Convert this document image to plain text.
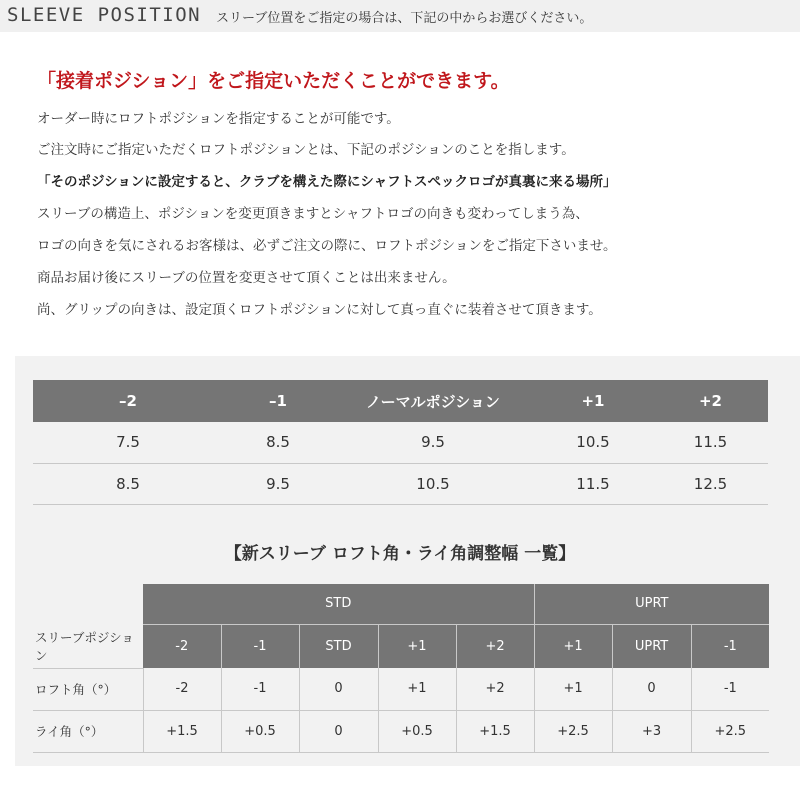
SLEEVE POSITION スリーブ位置をご指定の場合は、下記の中からお選びください。
「接着ポジション」をご指定いただくことができます。
オーダー時にロフトポジションを指定することが可能です。
ご注文時にご指定いただくロフトポジションとは、下記のポジションのことを指します。
「そのポジションに設定すると、クラブを構えた際にシャフトスペックロゴが真裏に来る場所」
スリーブの構造上、ポジションを変更頂きますとシャフトロゴの向きも変わってしまう為、
ロゴの向きを気にされるお客様は、必ずご注文の際に、ロフトポジションをご指定下さいませ。
商品お届け後にスリーブの位置を変更させて頂くことは出来ません。
尚、グリップの向きは、設定頂くロフトポジションに対して真っ直ぐに装着させて頂きます。
–2	–1	ノーマルポジション	+1	+2
7.5	8.5	9.5	10.5	11.5
8.5	9.5	10.5	11.5	12.5
【新スリーブ ロフト角・ライ角調整幅 一覧】
	STD					UPRT		
スリーブポジション	-2	-1	STD	+1	+2	+1	UPRT	-1
ロフト角（°）	-2	-1	0	+1	+2	+1	0	-1
ライ角（°）	+1.5	+0.5	0	+0.5	+1.5	+2.5	+3	+2.5
